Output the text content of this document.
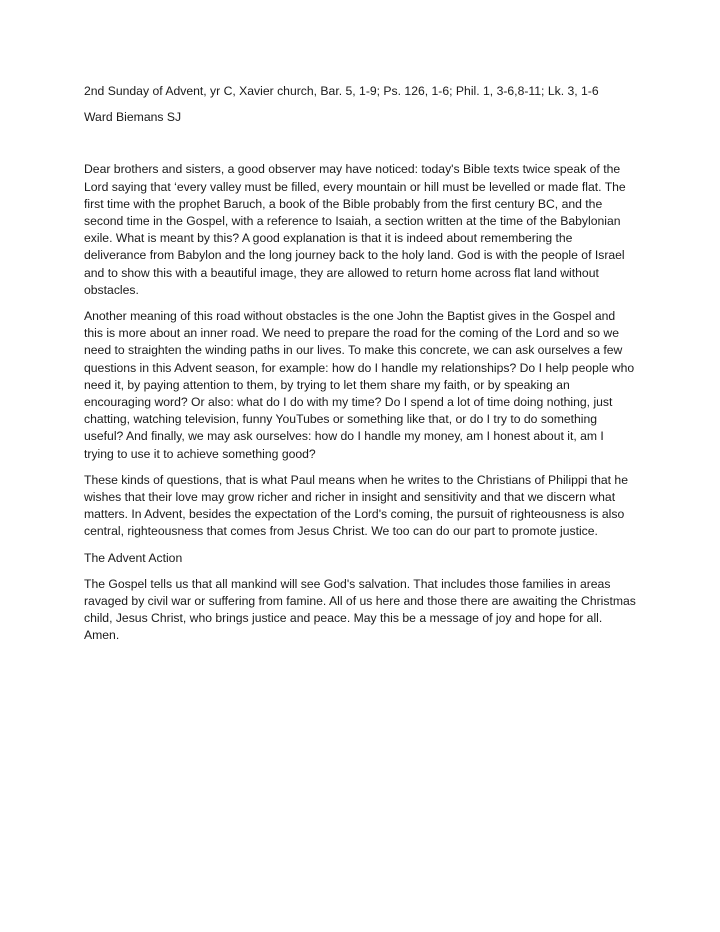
2nd Sunday of Advent, yr C, Xavier church, Bar. 5, 1-9; Ps. 126, 1-6; Phil. 1, 3-6,8-11; Lk. 3, 1-6

Ward Biemans SJ

Dear brothers and sisters, a good observer may have noticed: today's Bible texts twice speak of the Lord saying that ‘every valley must be filled, every mountain or hill must be levelled or made flat. The first time with the prophet Baruch, a book of the Bible probably from the first century BC, and the second time in the Gospel, with a reference to Isaiah, a section written at the time of the Babylonian exile. What is meant by this? A good explanation is that it is indeed about remembering the deliverance from Babylon and the long journey back to the holy land. God is with the people of Israel and to show this with a beautiful image, they are allowed to return home across flat land without obstacles.

Another meaning of this road without obstacles is the one John the Baptist gives in the Gospel and this is more about an inner road. We need to prepare the road for the coming of the Lord and so we need to straighten the winding paths in our lives. To make this concrete, we can ask ourselves a few questions in this Advent season, for example: how do I handle my relationships? Do I help people who need it, by paying attention to them, by trying to let them share my faith, or by speaking an encouraging word? Or also: what do I do with my time? Do I spend a lot of time doing nothing, just chatting, watching television, funny YouTubes or something like that, or do I try to do something useful? And finally, we may ask ourselves: how do I handle my money, am I honest about it, am I trying to use it to achieve something good?

These kinds of questions, that is what Paul means when he writes to the Christians of Philippi that he wishes that their love may grow richer and richer in insight and sensitivity and that we discern what matters. In Advent, besides the expectation of the Lord's coming, the pursuit of righteousness is also central, righteousness that comes from Jesus Christ. We too can do our part to promote justice.

The Advent Action

The Gospel tells us that all mankind will see God's salvation. That includes those families in areas ravaged by civil war or suffering from famine. All of us here and those there are awaiting the Christmas child, Jesus Christ, who brings justice and peace. May this be a message of joy and hope for all. Amen.
